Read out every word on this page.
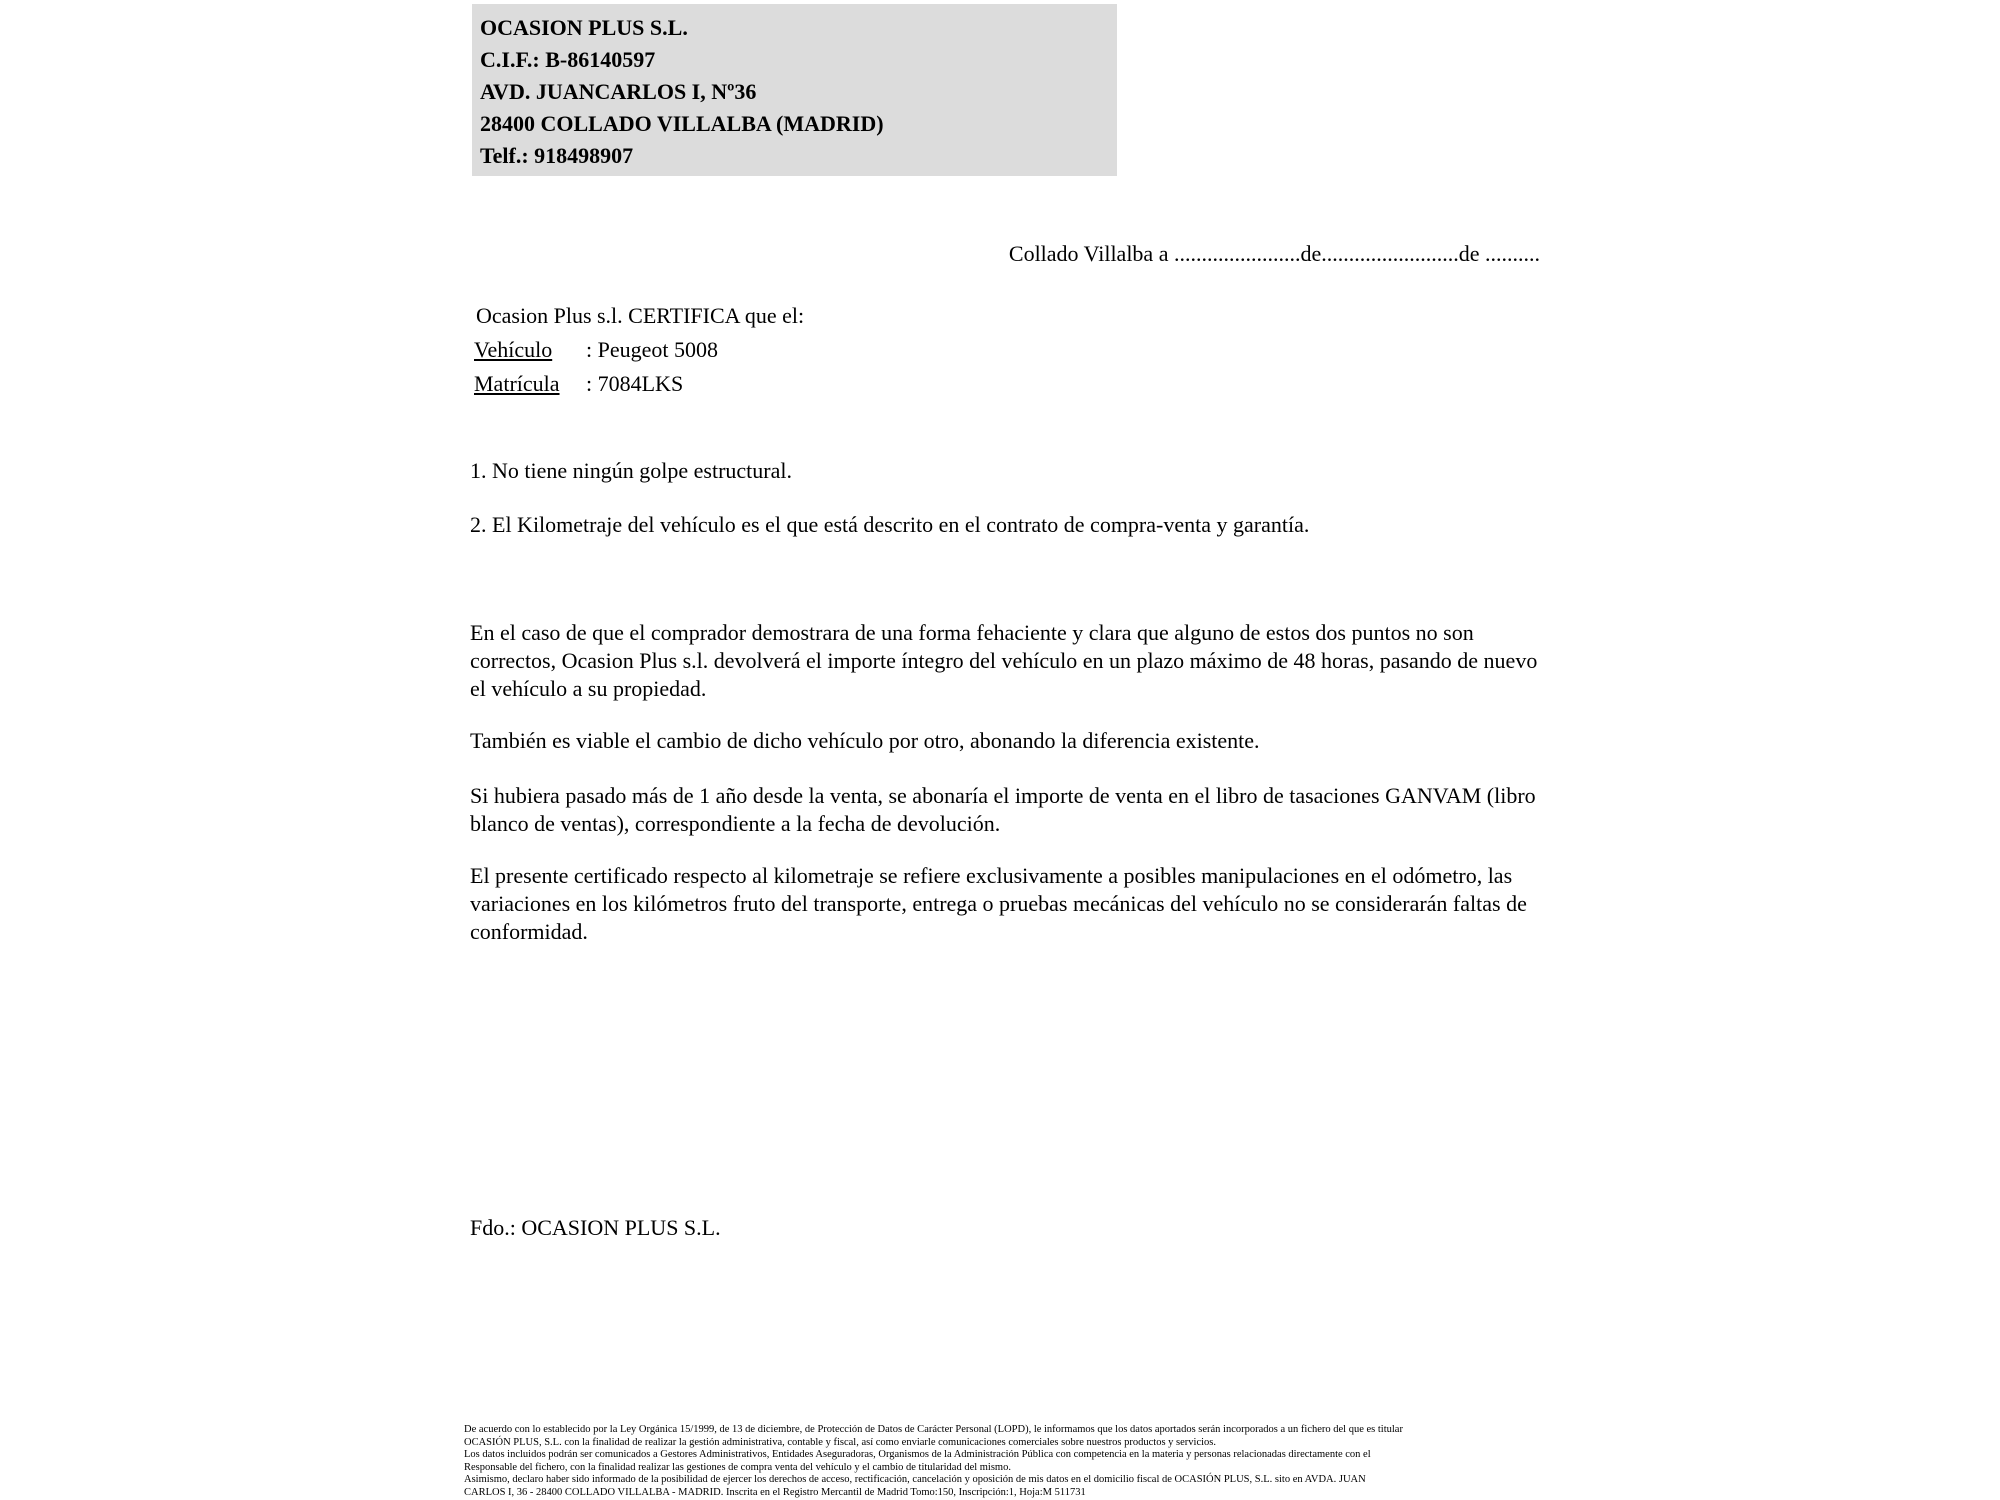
OCASION PLUS S.L.
C.I.F.: B-86140597
AVD. JUANCARLOS I, Nº36
28400 COLLADO VILLALBA (MADRID)
Telf.: 918498907
Collado Villalba a .......................de.........................de ..........
Ocasion Plus s.l. CERTIFICA que el:
Vehículo	: Peugeot 5008
Matrícula	: 7084LKS
1. No tiene ningún golpe estructural.
2. El Kilometraje del vehículo es el que está descrito en el contrato de compra-venta y garantía.
En el caso de que el comprador demostrara de una forma fehaciente y clara que alguno de estos dos puntos no son correctos, Ocasion Plus s.l. devolverá el importe íntegro del vehículo en un plazo máximo de 48 horas, pasando de nuevo el vehículo a su propiedad.
También es viable el cambio de dicho vehículo por otro, abonando la diferencia existente.
Si hubiera pasado más de 1 año desde la venta, se abonaría el importe de venta en el libro de tasaciones GANVAM (libro blanco de ventas), correspondiente a la fecha de devolución.
El presente certificado respecto al kilometraje se refiere exclusivamente a posibles manipulaciones en el odómetro, las variaciones en los kilómetros fruto del transporte, entrega o pruebas mecánicas del vehículo no se considerarán faltas de conformidad.
Fdo.: OCASION PLUS S.L.
De acuerdo con lo establecido por la Ley Orgánica 15/1999, de 13 de diciembre, de Protección de Datos de Carácter Personal (LOPD), le informamos que los datos aportados serán incorporados a un fichero del que es titular
OCASIÓN PLUS, S.L. con la finalidad de realizar la gestión administrativa, contable y fiscal, así como enviarle comunicaciones comerciales sobre nuestros productos y servicios.
Los datos incluidos podrán ser comunicados a Gestores Administrativos, Entidades Aseguradoras, Organismos de la Administración Pública con competencia en la materia y personas relacionadas directamente con el
Responsable del fichero, con la finalidad realizar las gestiones de compra venta del vehículo y el cambio de titularidad del mismo.
Asimismo, declaro haber sido informado de la posibilidad de ejercer los derechos de acceso, rectificación, cancelación y oposición de mis datos en el domicilio fiscal de OCASIÓN PLUS, S.L. sito en AVDA. JUAN
CARLOS I, 36 - 28400 COLLADO VILLALBA - MADRID. Inscrita en el Registro Mercantil de Madrid Tomo:150, Inscripción:1, Hoja:M 511731
